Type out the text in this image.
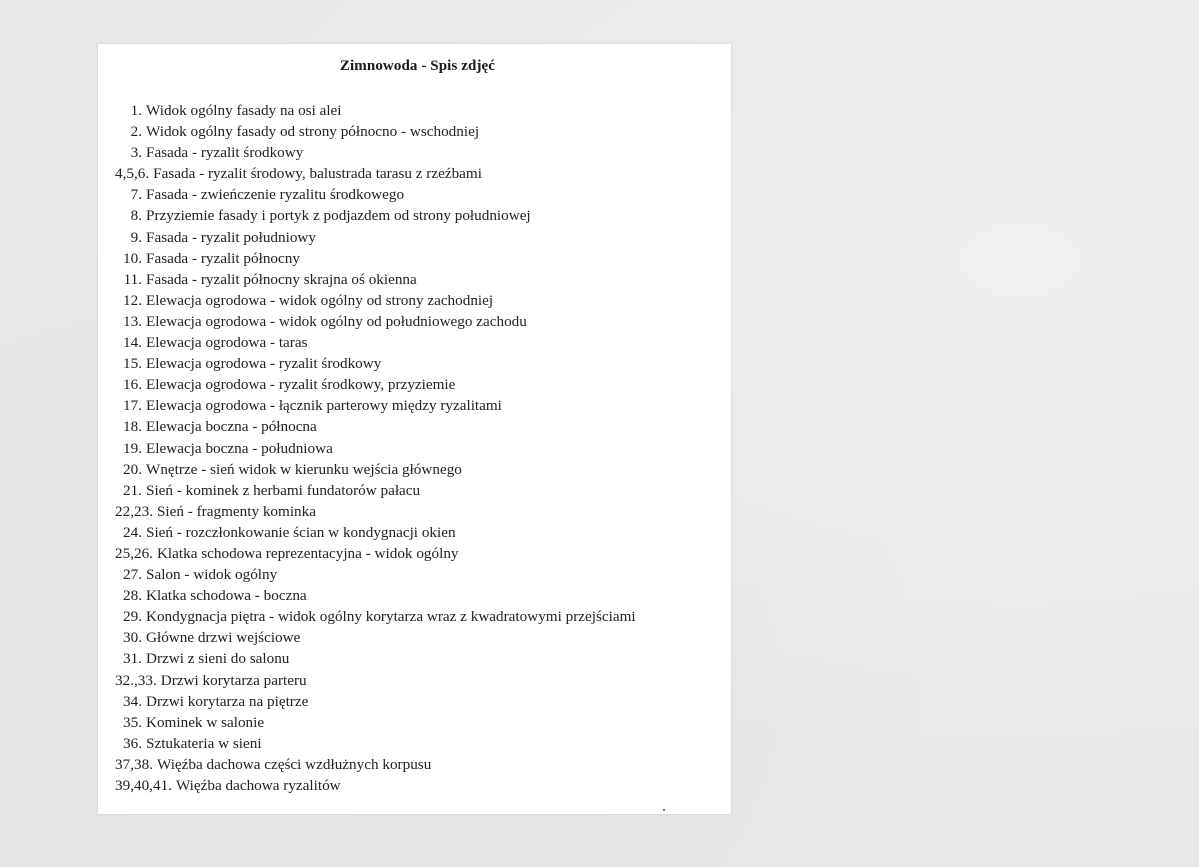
Zimnowoda - Spis zdjęć
1. Widok ogólny fasady na osi alei
2. Widok ogólny fasady od strony północno - wschodniej
3. Fasada - ryzalit środkowy
4,5,6. Fasada - ryzalit środowy, balustrada tarasu z rzeźbami
7. Fasada - zwieńczenie ryzalitu środkowego
8. Przyziemie fasady i portyk z podjazdem od strony południowej
9. Fasada - ryzalit południowy
10. Fasada - ryzalit północny
11. Fasada - ryzalit północny skrajna oś okienna
12. Elewacja ogrodowa - widok ogólny od strony zachodniej
13. Elewacja ogrodowa - widok ogólny od południowego zachodu
14. Elewacja ogrodowa - taras
15. Elewacja ogrodowa - ryzalit środkowy
16. Elewacja ogrodowa - ryzalit środkowy, przyziemie
17. Elewacja ogrodowa - łącznik parterowy między ryzalitami
18. Elewacja boczna - północna
19. Elewacja boczna - południowa
20. Wnętrze - sień widok w kierunku wejścia głównego
21. Sień - kominek z herbami fundatorów pałacu
22,23. Sień - fragmenty kominka
24. Sień - rozczłonkowanie ścian w kondygnacji okien
25,26. Klatka schodowa reprezentacyjna - widok ogólny
27. Salon - widok ogólny
28. Klatka schodowa - boczna
29. Kondygnacja piętra - widok ogólny korytarza wraz z kwadratowymi przejściami
30. Główne drzwi wejściowe
31. Drzwi z sieni do salonu
32.,33. Drzwi korytarza parteru
34. Drzwi korytarza na piętrze
35. Kominek w salonie
36. Sztukateria w sieni
37,38. Więźba dachowa części wzdłużnych korpusu
39,40,41. Więźba dachowa ryzalitów
